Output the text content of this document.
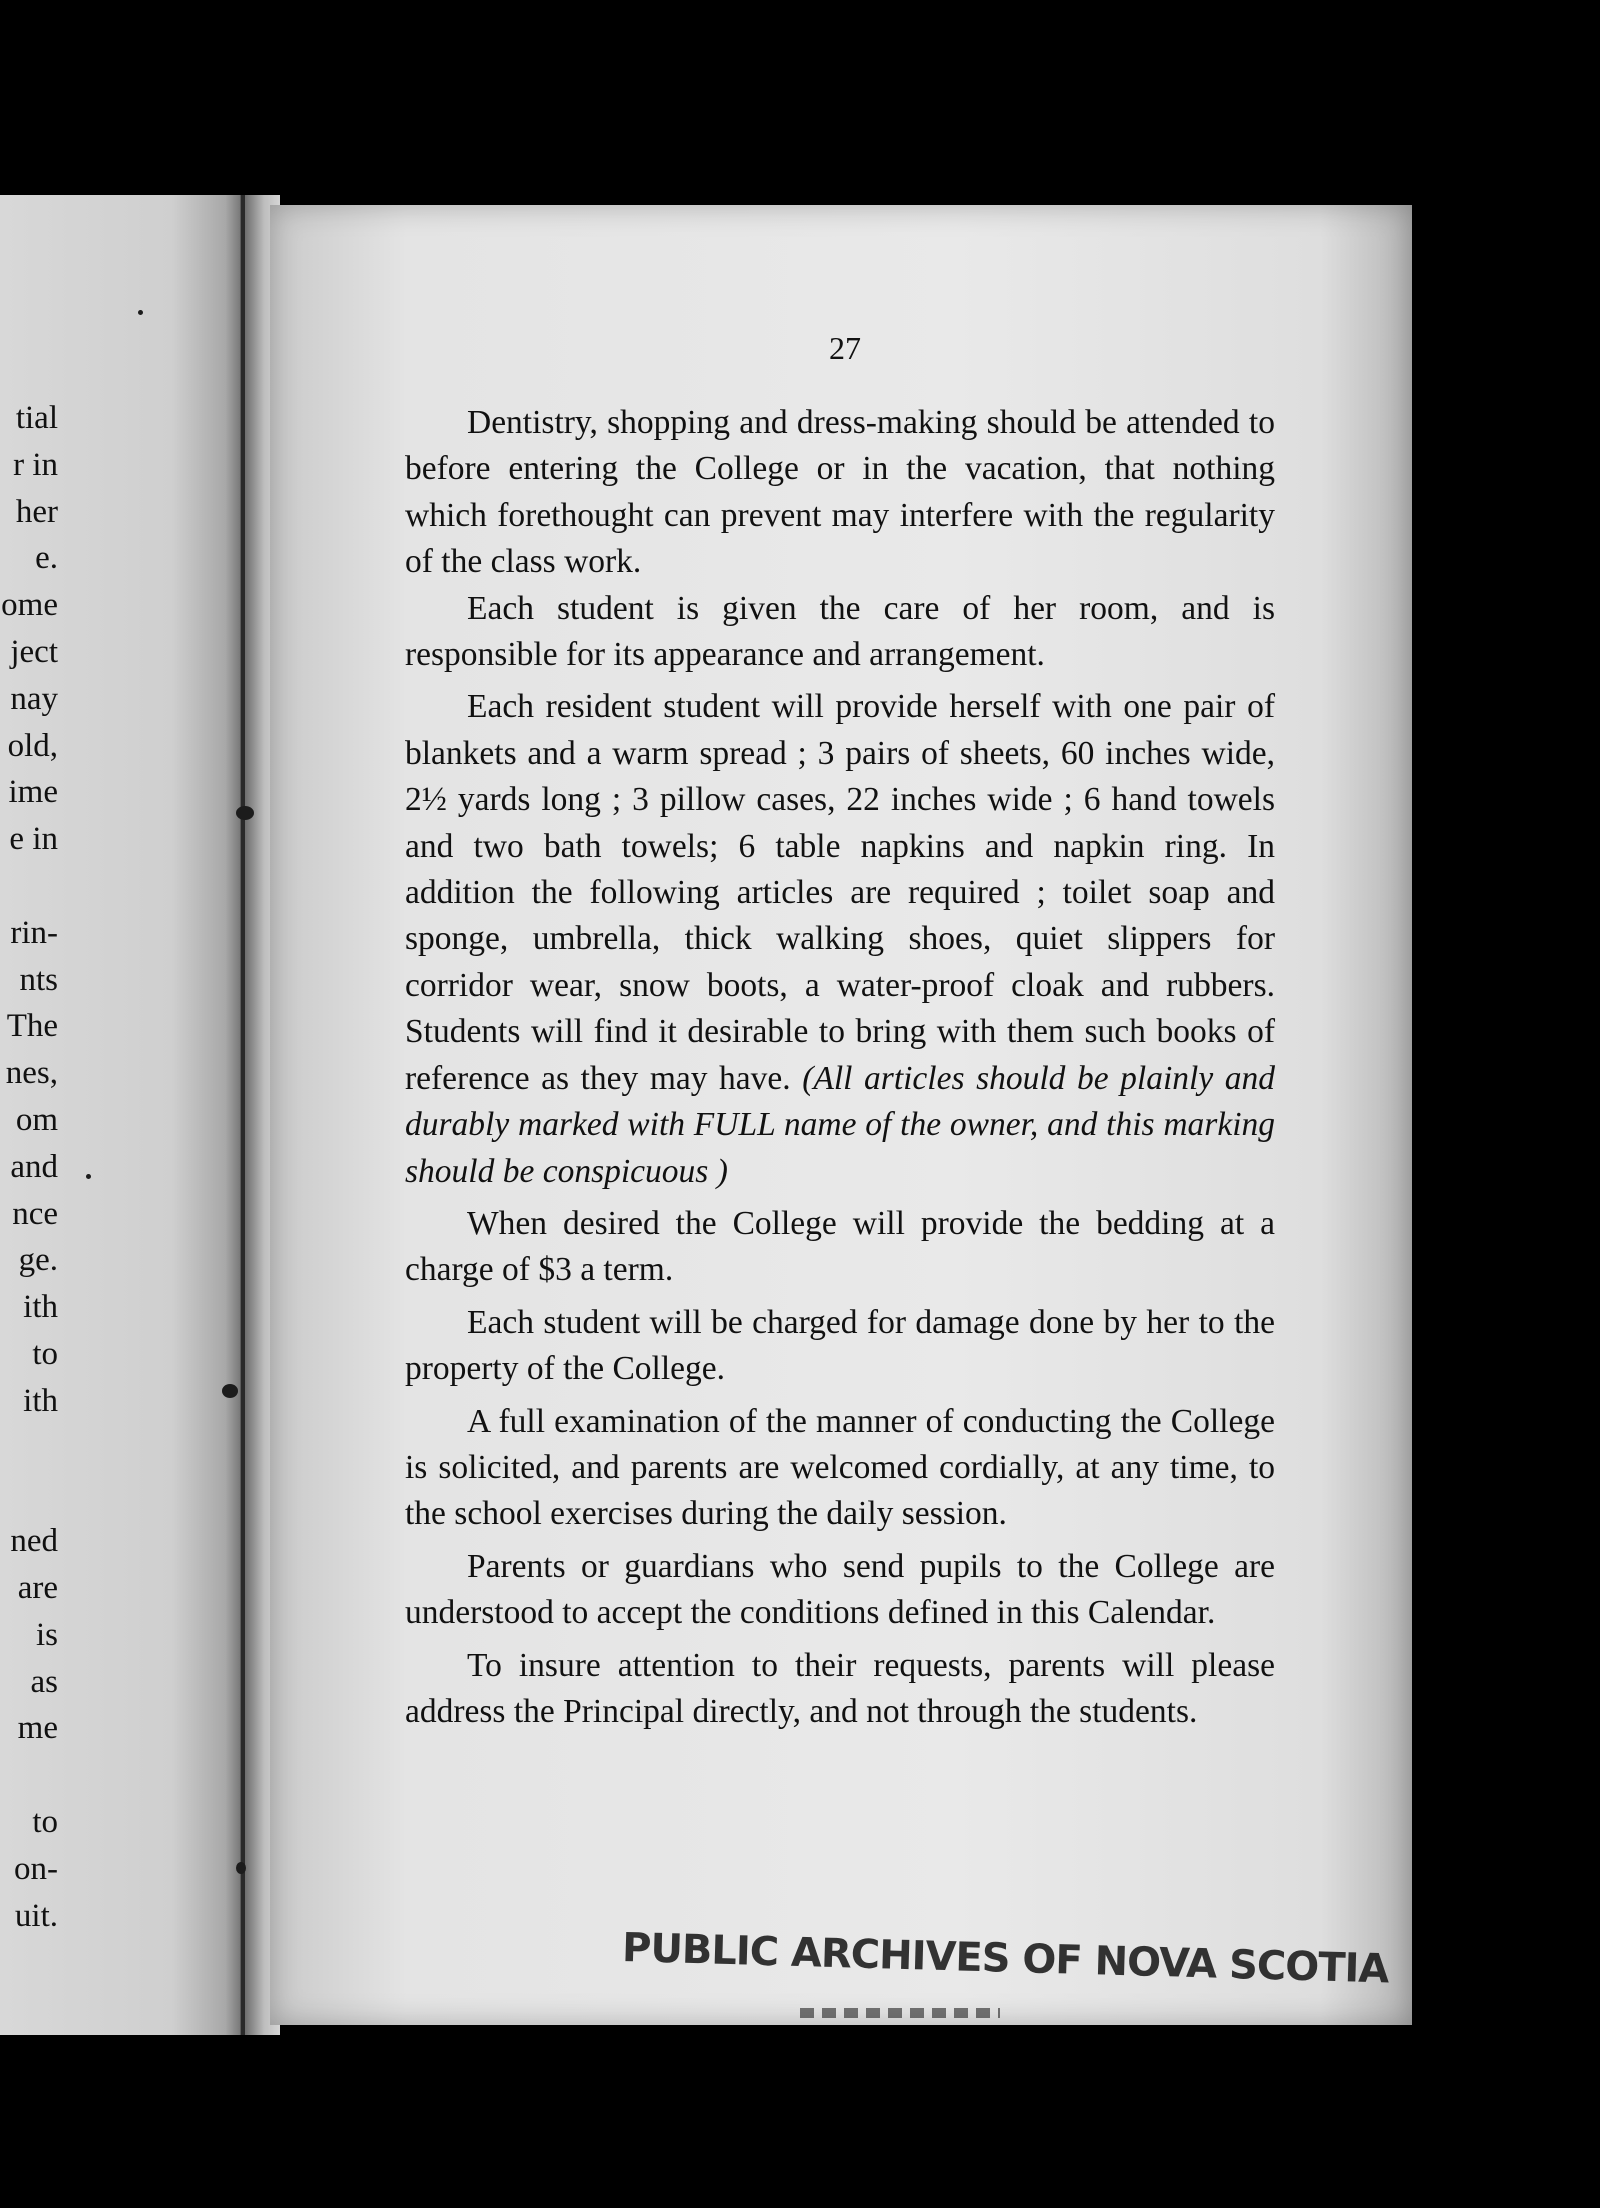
tial
r in
her
e.
ome
ject
nay
old,
ime
e in
rin-
nts
The
nes,
om
and
nce
ge.
ith
to
ith
ned
are
is
as
me
to
on-
uit.
27

Dentistry, shopping and dress-making should be attended to before entering the College or in the vacation, that nothing which forethought can prevent may interfere with the regularity of the class work.

Each student is given the care of her room, and is responsible for its appearance and arrangement.

Each resident student will provide herself with one pair of blankets and a warm spread ; 3 pairs of sheets, 60 inches wide, 2½ yards long ; 3 pillow cases, 22 inches wide ; 6 hand towels and two bath towels; 6 table napkins and napkin ring. In addition the following articles are required ; toilet soap and sponge, umbrella, thick walking shoes, quiet slippers for corridor wear, snow boots, a water-proof cloak and rubbers. Students will find it desirable to bring with them such books of reference as they may have. (All articles should be plainly and durably marked with FULL name of the owner, and this marking should be conspicuous )

When desired the College will provide the bedding at a charge of $3 a term.

Each student will be charged for damage done by her to the property of the College.

A full examination of the manner of conducting the College is solicited, and parents are welcomed cordially, at any time, to the school exercises during the daily session.

Parents or guardians who send pupils to the College are understood to accept the conditions defined in this Calendar.

To insure attention to their requests, parents will please address the Principal directly, and not through the students.

PUBLIC ARCHIVES OF NOVA SCOTIA
